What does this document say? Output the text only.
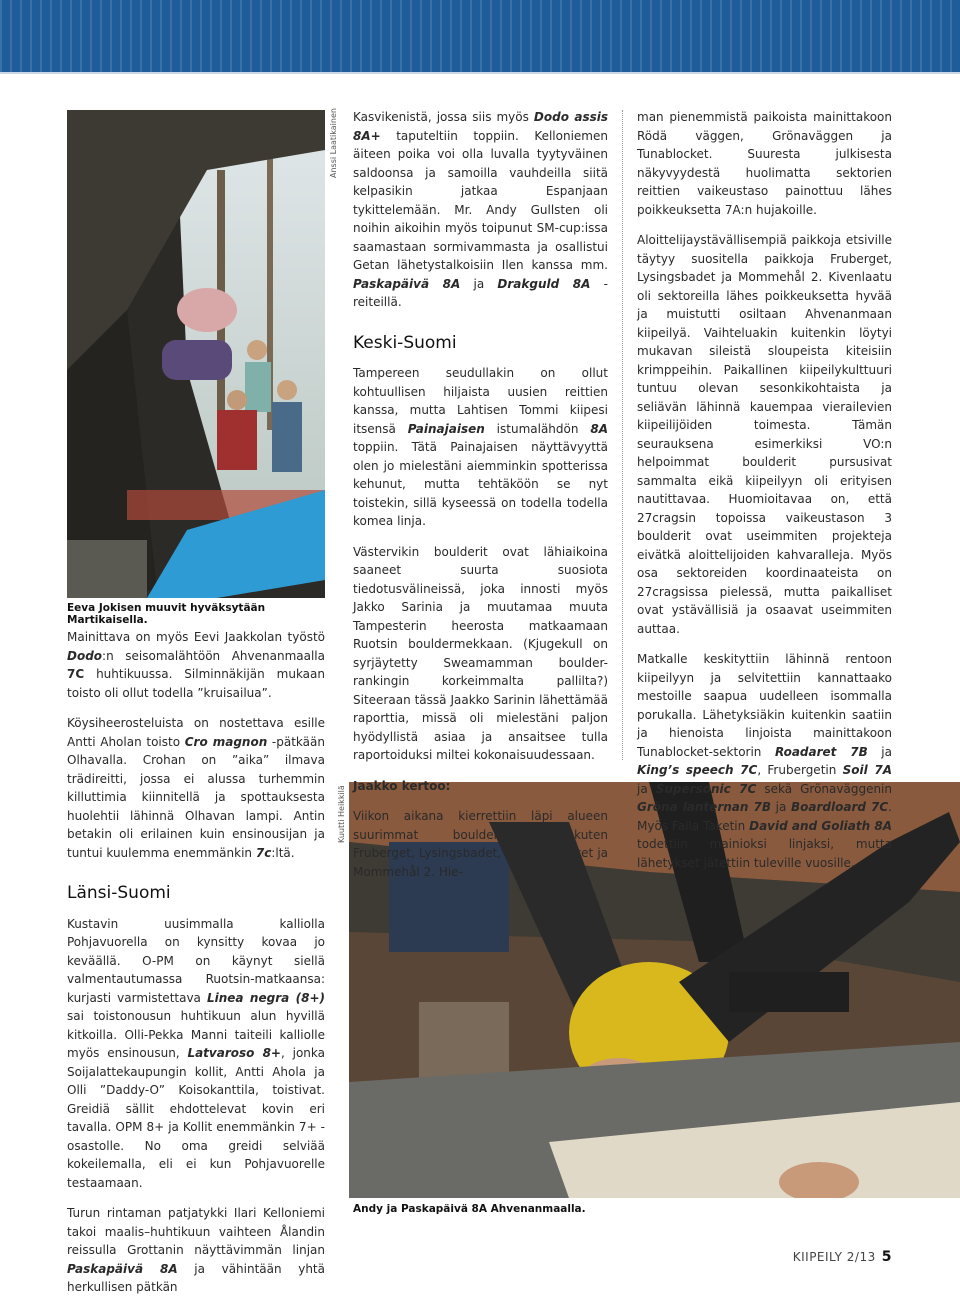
Eeva Jokisen muuvit hyväksytään Martikaisella.
Anssi Laatikainen
Andy ja Paskapäivä 8A Ahvenanmaalla.
Kuutti Heikkilä

Mainittava on myös Eevi Jaakkolan työstö Dodo:n seisomalähtöön Ahvenanmaalla 7C huhtikuussa. Silminnäkijän mukaan toisto oli ollut todella ”kruisailua”.

Köysiheerosteluista on nostettava esille Antti Aholan toisto Cro magnon -pätkään Olhavalla. Crohan on ”aika” ilmava trädireitti, jossa ei alussa turhemmin killuttimia kiinnitellä ja spottauksesta huolehtii lähinnä Olhavan lampi. Antin betakin oli erilainen kuin ensinousijan ja tuntui kuulemma enemmänkin 7c:ltä.

Länsi-Suomi

Kustavin uusimmalla kalliolla Pohjavuorella on kynsitty kovaa jo keväällä. O-PM on käynyt siellä valmentautumassa Ruotsin-matkaansa: kurjasti varmistettava Linea negra (8+) sai toistonousun huhtikuun alun hyvillä kitkoilla. Olli-Pekka Manni taiteili kalliolle myös ensinousun, Latvaroso 8+, jonka Soijalattekaupungin kollit, Antti Ahola ja Olli ”Daddy-O” Koisokanttila, toistivat. Greidiä sällit ehdottelevat kovin eri tavalla. OPM 8+ ja Kollit enemmänkin 7+ -osastolle. No oma greidi selviää kokeilemalla, eli ei kun Pohjavuorelle testaamaan.

Turun rintaman patjatykki Ilari Kelloniemi takoi maalis–huhtikuun vaihteen Ålandin reissulla Grottanin näyttävimmän linjan Paskapäivä 8A ja vähintään yhtä herkullisen pätkän

Kasvikenistä, jossa siis myös Dodo assis 8A+ taputeltiin toppiin. Kelloniemen äiteen poika voi olla luvalla tyytyväinen saldoonsa ja samoilla vauhdeilla siitä kelpasikin jatkaa Espanjaan tykittelemään. Mr. Andy Gullsten oli noihin aikoihin myös toipunut SM-cup:issa saamastaan sormivammasta ja osallistui Getan lähetystalkoisiin Ilen kanssa mm. Paskapäivä 8A ja Drakguld 8A -reiteillä.

Keski-Suomi

Tampereen seudullakin on ollut kohtuullisen hiljaista uusien reittien kanssa, mutta Lahtisen Tommi kiipesi itsensä Painajaisen istumalähdön 8A toppiin. Tätä Painajaisen näyttävyyttä olen jo mielestäni aiemminkin spotterissa kehunut, mutta tehtäköön se nyt toistekin, sillä kyseessä on todella todella komea linja.

Västervikin boulderit ovat lähiaikoina saaneet suurta suosiota tiedotusvälineissä, joka innosti myös Jakko Sarinia ja muutamaa muuta Tampesterin heerosta matkaamaan Ruotsin bouldermekkaan. (Kjugekull on syrjäytetty Sweamamman boulder-rankingin korkeimmalta pallilta?) Siteeraan tässä Jaakko Sarinin lähettämää raporttia, missä oli mielestäni paljon hyödyllistä asiaa ja ansaitsee tulla raportoiduksi miltei kokonaisuudessaan.

Jaakko kertoo:

Viikon aikana kierrettiin läpi alueen suurimmat boulderpaikat, kuten Fruberget, Lysingsbadet, VO, Falla Taket ja Mommehål 2. Hie-

man pienemmistä paikoista mainittakoon Rödä väggen, Grönaväggen ja Tunablocket. Suuresta julkisesta näkyvyydestä huolimatta sektorien reittien vaikeustaso painottuu lähes poikkeuksetta 7A:n hujakoille.

Aloittelijaystävällisempiä paikkoja etsiville täytyy suositella paikkoja Fruberget, Lysingsbadet ja Mommehål 2. Kivenlaatu oli sektoreilla lähes poikkeuksetta hyvää ja muistutti osiltaan Ahvenanmaan kiipeilyä. Vaihteluakin kuitenkin löytyi mukavan sileistä sloupeista kiteisiin krimppeihin. Paikallinen kiipeilykulttuuri tuntuu olevan sesonkikohtaista ja seliävän lähinnä kauempaa vierailevien kiipeilijöiden toimesta. Tämän seurauksena esimerkiksi VO:n helpoimmat boulderit pursusivat sammalta eikä kiipeilyyn oli erityisen nautittavaa. Huomioitavaa on, että 27cragsin topoissa vaikeustason 3 boulderit ovat useimmiten projekteja eivätkä aloittelijoiden kahvarallejа. Myös osa sektoreiden koordinaateista on 27cragsissa pielessä, mutta paikalliset ovat ystävällisiä ja osaavat useimmiten auttaa.

Matkalle keskityttiin lähinnä rentoon kiipeilyyn ja selvitettiin kannattaako mestoille saapua uudelleen isommalla porukalla. Lähetyksiäkin kuitenkin saatiin ja hienoista linjoista mainittakoon Tunablocket-sektorin Roadaret 7B ja King’s speech 7C, Frubergetin Soil 7A ja Supersonic 7C sekä Grönaväggenin Gröna lanternan 7B ja Boardloard 7C. Myös Falla Taketin David and Goliath 8A todettiin mainioksi linjaksi, mutta lähetykset jätettiin tuleville vuosille.

KIIPEILY 2/13 5
